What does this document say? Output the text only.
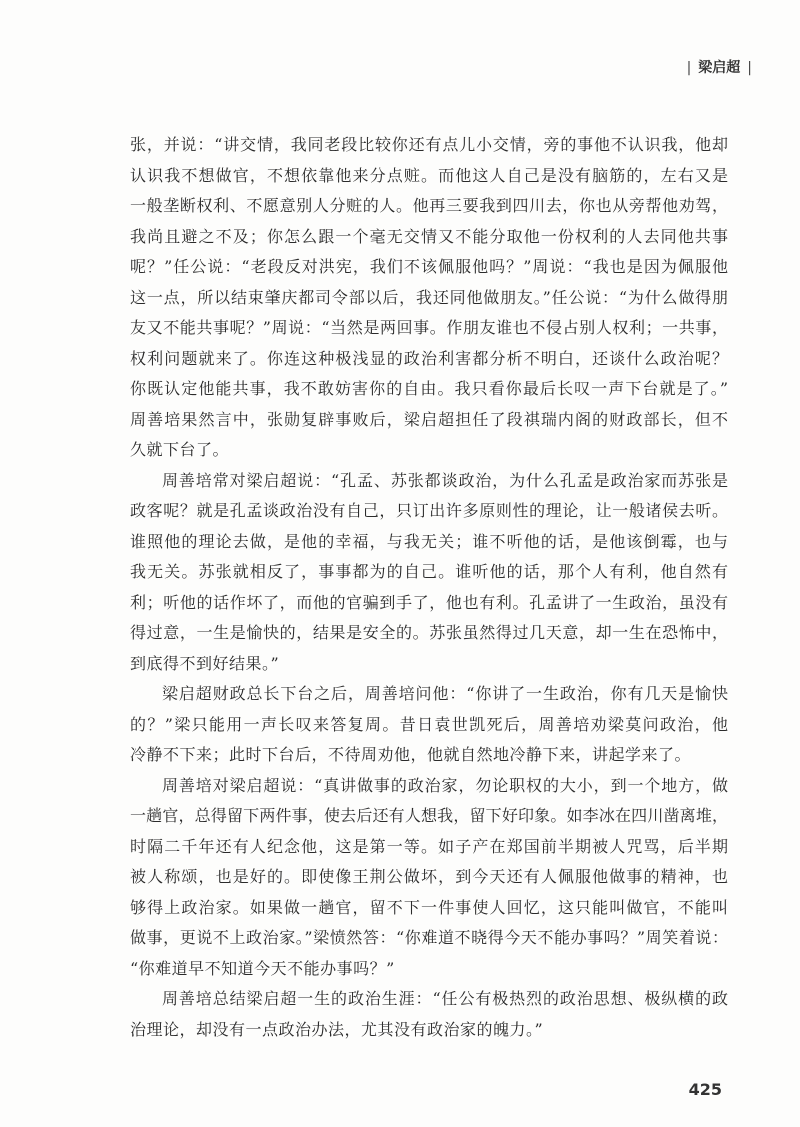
| 梁启超 |
张，并说：“讲交情，我同老段比较你还有点儿小交情，旁的事他不认识我，他却
认识我不想做官，不想依靠他来分点赃。而他这人自己是没有脑筋的，左右又是
一般垄断权利、不愿意别人分赃的人。他再三要我到四川去，你也从旁帮他劝驾，
我尚且避之不及；你怎么跟一个毫无交情又不能分取他一份权利的人去同他共事
呢？”任公说：“老段反对洪宪，我们不该佩服他吗？”周说：“我也是因为佩服他
这一点，所以结束肇庆都司令部以后，我还同他做朋友。”任公说：“为什么做得朋
友又不能共事呢？”周说：“当然是两回事。作朋友谁也不侵占别人权利；一共事，
权利问题就来了。你连这种极浅显的政治利害都分析不明白，还谈什么政治呢？
你既认定他能共事，我不敢妨害你的自由。我只看你最后长叹一声下台就是了。”
周善培果然言中，张勋复辟事败后，梁启超担任了段祺瑞内阁的财政部长，但不
久就下台了。
周善培常对梁启超说：“孔孟、苏张都谈政治，为什么孔孟是政治家而苏张是
政客呢？就是孔孟谈政治没有自己，只订出许多原则性的理论，让一般诸侯去听。
谁照他的理论去做，是他的幸福，与我无关；谁不听他的话，是他该倒霉，也与
我无关。苏张就相反了，事事都为的自己。谁听他的话，那个人有利，他自然有
利；听他的话作坏了，而他的官骗到手了，他也有利。孔孟讲了一生政治，虽没有
得过意，一生是愉快的，结果是安全的。苏张虽然得过几天意，却一生在恐怖中，
到底得不到好结果。”
梁启超财政总长下台之后，周善培问他：“你讲了一生政治，你有几天是愉快
的？”梁只能用一声长叹来答复周。昔日袁世凯死后，周善培劝梁莫问政治，他
冷静不下来；此时下台后，不待周劝他，他就自然地冷静下来，讲起学来了。
周善培对梁启超说：“真讲做事的政治家，勿论职权的大小，到一个地方，做
一趟官，总得留下两件事，使去后还有人想我，留下好印象。如李冰在四川凿离堆，
时隔二千年还有人纪念他，这是第一等。如子产在郑国前半期被人咒骂，后半期
被人称颂，也是好的。即使像王荆公做坏，到今天还有人佩服他做事的精神，也
够得上政治家。如果做一趟官，留不下一件事使人回忆，这只能叫做官，不能叫
做事，更说不上政治家。”梁愤然答：“你难道不晓得今天不能办事吗？”周笑着说：
“你难道早不知道今天不能办事吗？”
周善培总结梁启超一生的政治生涯：“任公有极热烈的政治思想、极纵横的政
治理论，却没有一点政治办法，尤其没有政治家的魄力。”
425
